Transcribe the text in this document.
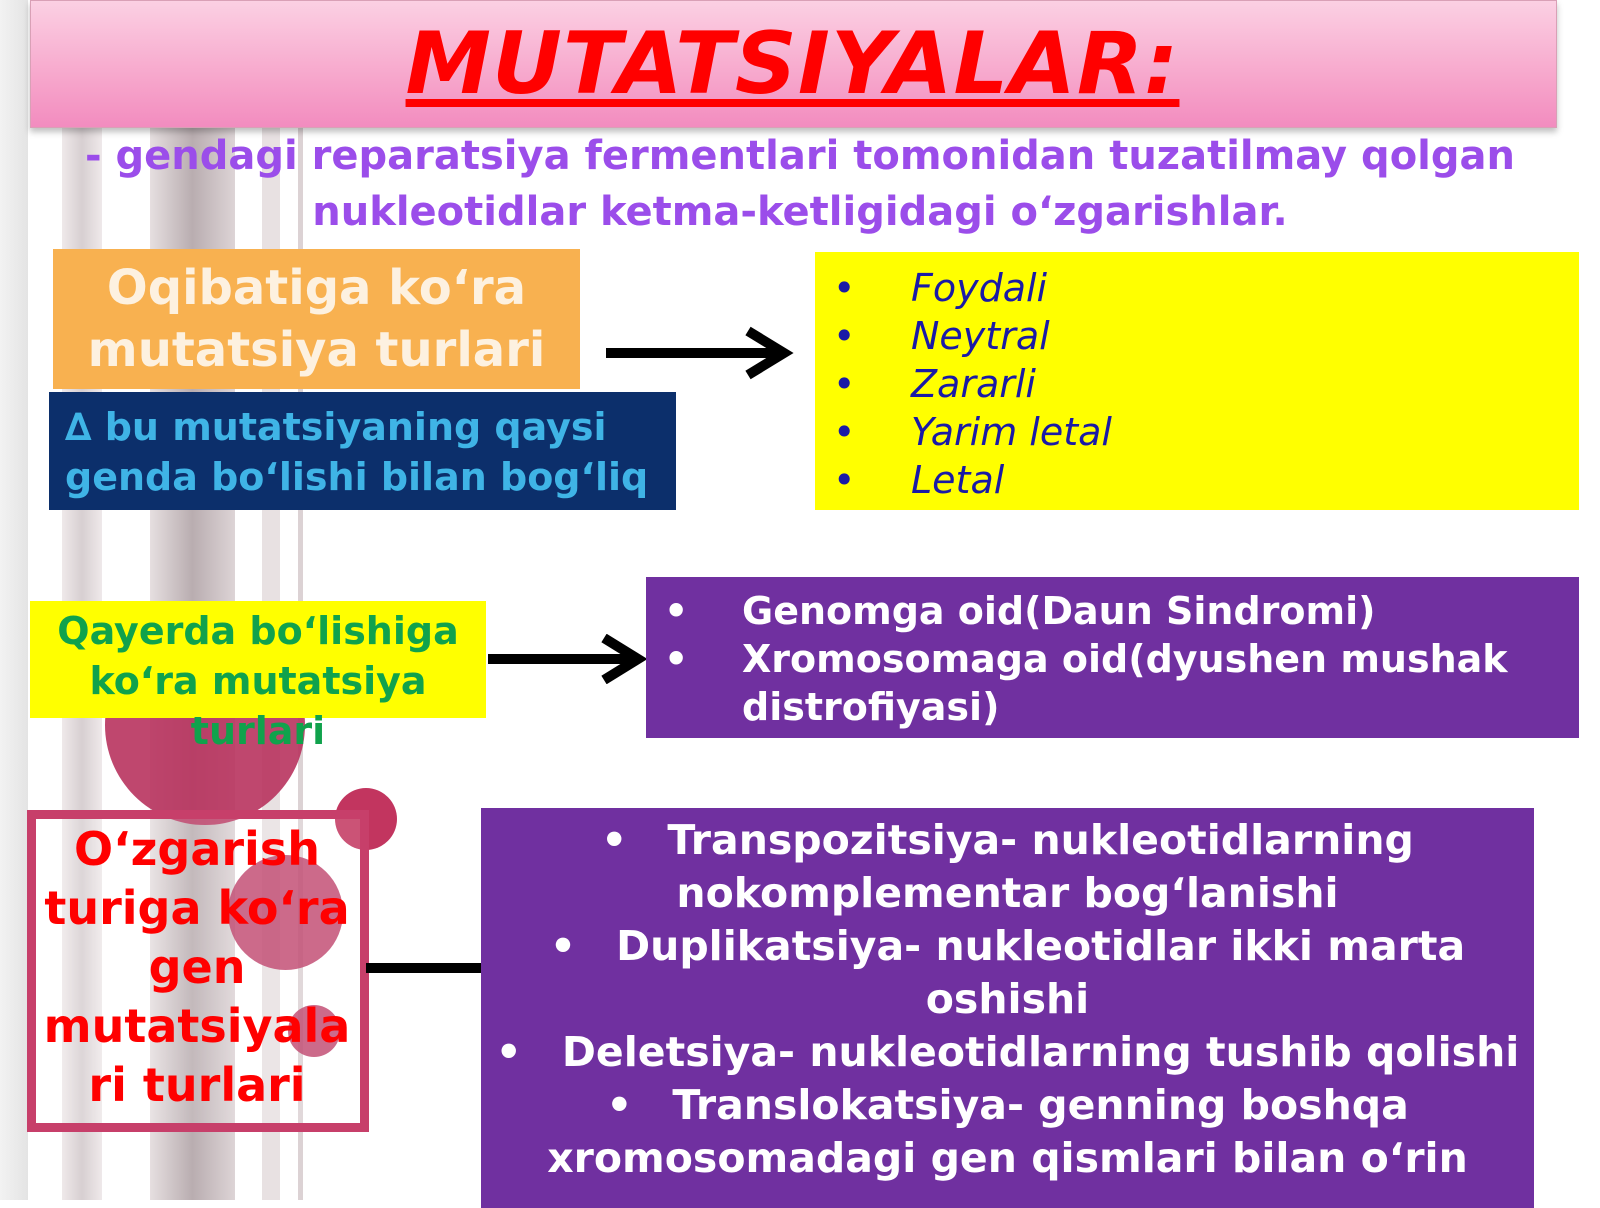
MUTATSIYALAR:
- gendagi reparatsiya fermentlari tomonidan tuzatilmay qolgan
nukleotidlar ketma-ketligidagi o‘zgarishlar.
Oqibatiga ko‘ra
mutatsiya turlari
∆ bu mutatsiyaning qaysi
genda bo‘lishi bilan bog‘liq
• Foydali
• Neytral
• Zararli
• Yarim letal
• Letal
Qayerda bo‘lishiga
ko‘ra mutatsiya
turlari
• Genomga oid(Daun Sindromi)
• Xromosomaga oid(dyushen mushak
distrofiyasi)
O‘zgarish
turiga ko‘ra
gen
mutatsiyala
ri turlari
• Transpozitsiya- nukleotidlarning
nokomplementar bog‘lanishi
• Duplikatsiya- nukleotidlar ikki marta
oshishi
• Deletsiya- nukleotidlarning tushib qolishi
• Translokatsiya- genning boshqa
xromosomadagi gen qismlari bilan o‘rin
